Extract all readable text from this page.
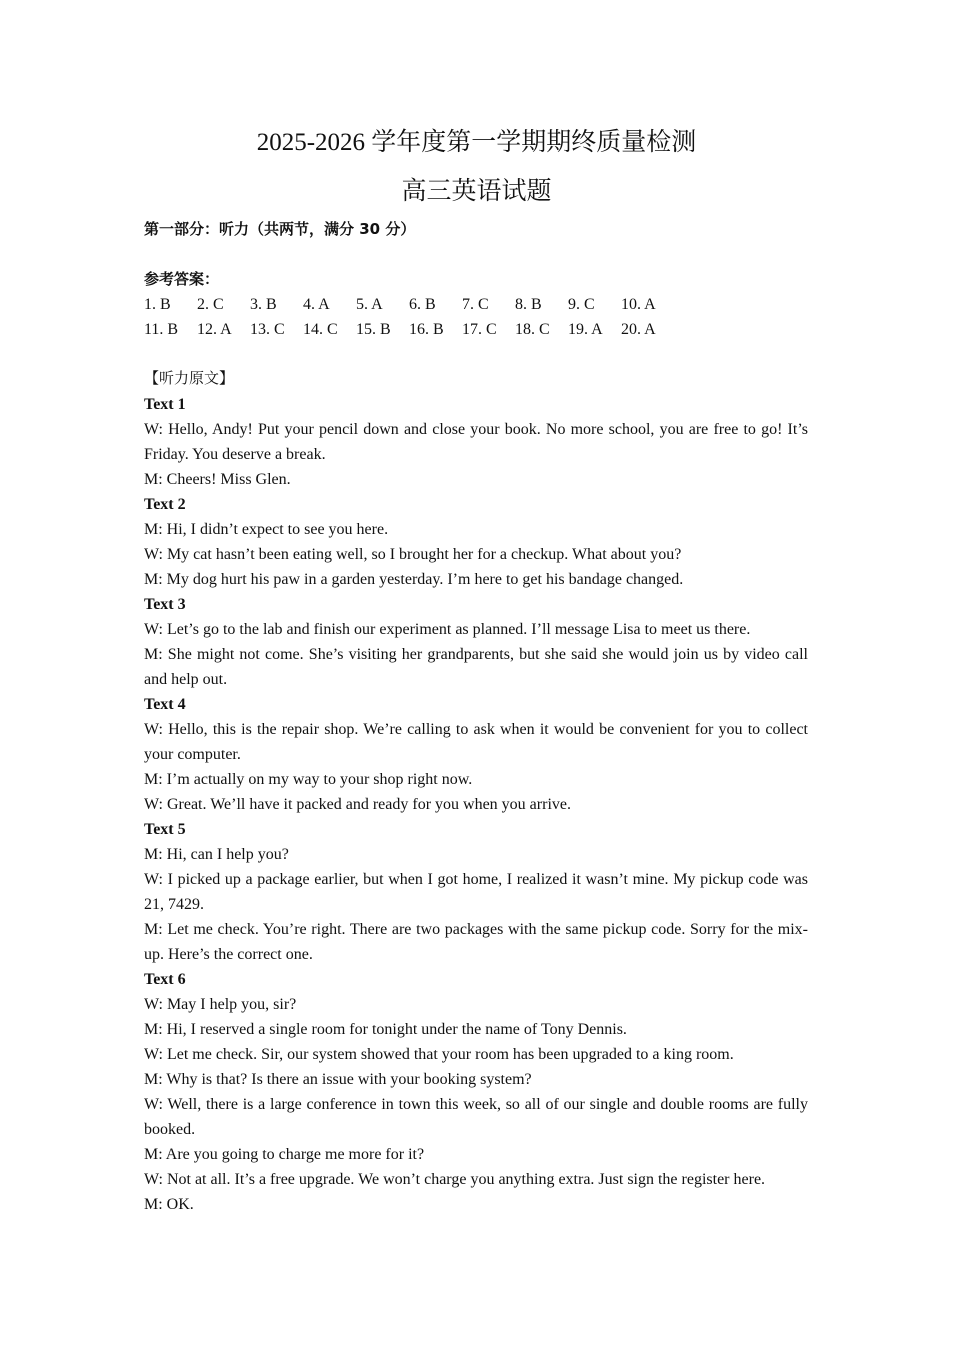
2025-2026 学年度第一学期期终质量检测
高三英语试题
第一部分：听力（共两节，满分 30 分）
参考答案：
1. B 2. C 3. B 4. A 5. A 6. B 7. C 8. B 9. C 10. A
11. B 12. A 13. C 14. C 15. B 16. B 17. C 18. C 19. A 20. A
【听力原文】
Text 1
W: Hello, Andy! Put your pencil down and close your book. No more school, you are free to go! It’s Friday. You deserve a break.
M: Cheers! Miss Glen.
Text 2
M: Hi, I didn’t expect to see you here.
W: My cat hasn’t been eating well, so I brought her for a checkup. What about you?
M: My dog hurt his paw in a garden yesterday. I’m here to get his bandage changed.
Text 3
W: Let’s go to the lab and finish our experiment as planned. I’ll message Lisa to meet us there.
M: She might not come. She’s visiting her grandparents, but she said she would join us by video call and help out.
Text 4
W: Hello, this is the repair shop. We’re calling to ask when it would be convenient for you to collect your computer.
M: I’m actually on my way to your shop right now.
W: Great. We’ll have it packed and ready for you when you arrive.
Text 5
M: Hi, can I help you?
W: I picked up a package earlier, but when I got home, I realized it wasn’t mine. My pickup code was 21, 7429.
M: Let me check. You’re right. There are two packages with the same pickup code. Sorry for the mix-up. Here’s the correct one.
Text 6
W: May I help you, sir?
M: Hi, I reserved a single room for tonight under the name of Tony Dennis.
W: Let me check. Sir, our system showed that your room has been upgraded to a king room.
M: Why is that? Is there an issue with your booking system?
W: Well, there is a large conference in town this week, so all of our single and double rooms are fully booked.
M: Are you going to charge me more for it?
W: Not at all. It’s a free upgrade. We won’t charge you anything extra. Just sign the register here.
M: OK.
